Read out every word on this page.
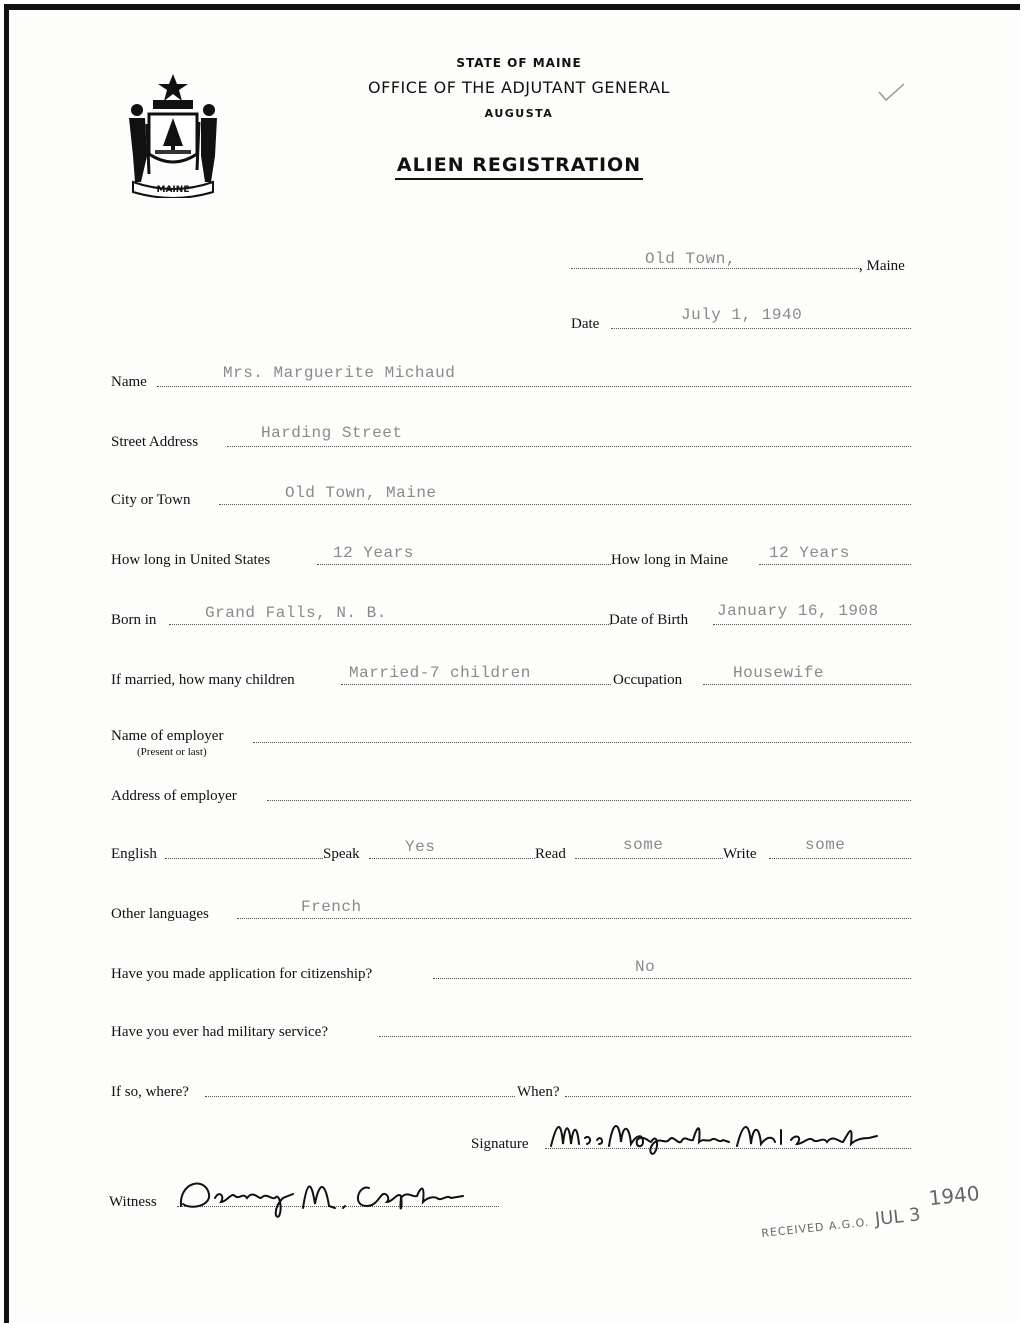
MAINE
STATE OF MAINE
OFFICE OF THE ADJUTANT GENERAL
AUGUSTA
ALIEN REGISTRATION
Old Town,	, Maine
Date	July 1, 1940
Name	Mrs. Marguerite Michaud
Street Address	Harding Street
City or Town	Old Town, Maine
How long in United States	12 Years	How long in Maine	12 Years
Born in	Grand Falls, N. B.	Date of Birth January 16, 1908
If married, how many children	Married-7 children	Occupation	Housewife
Name of employer
(Present or last)
Address of employer
English	Speak	Yes	Read	some	Write	some
Other languages	French
Have you made application for citizenship?	No
Have you ever had military service?
If so, where?	When?
Signature
Witness
RECEIVED A.G.O. JUL 31940
